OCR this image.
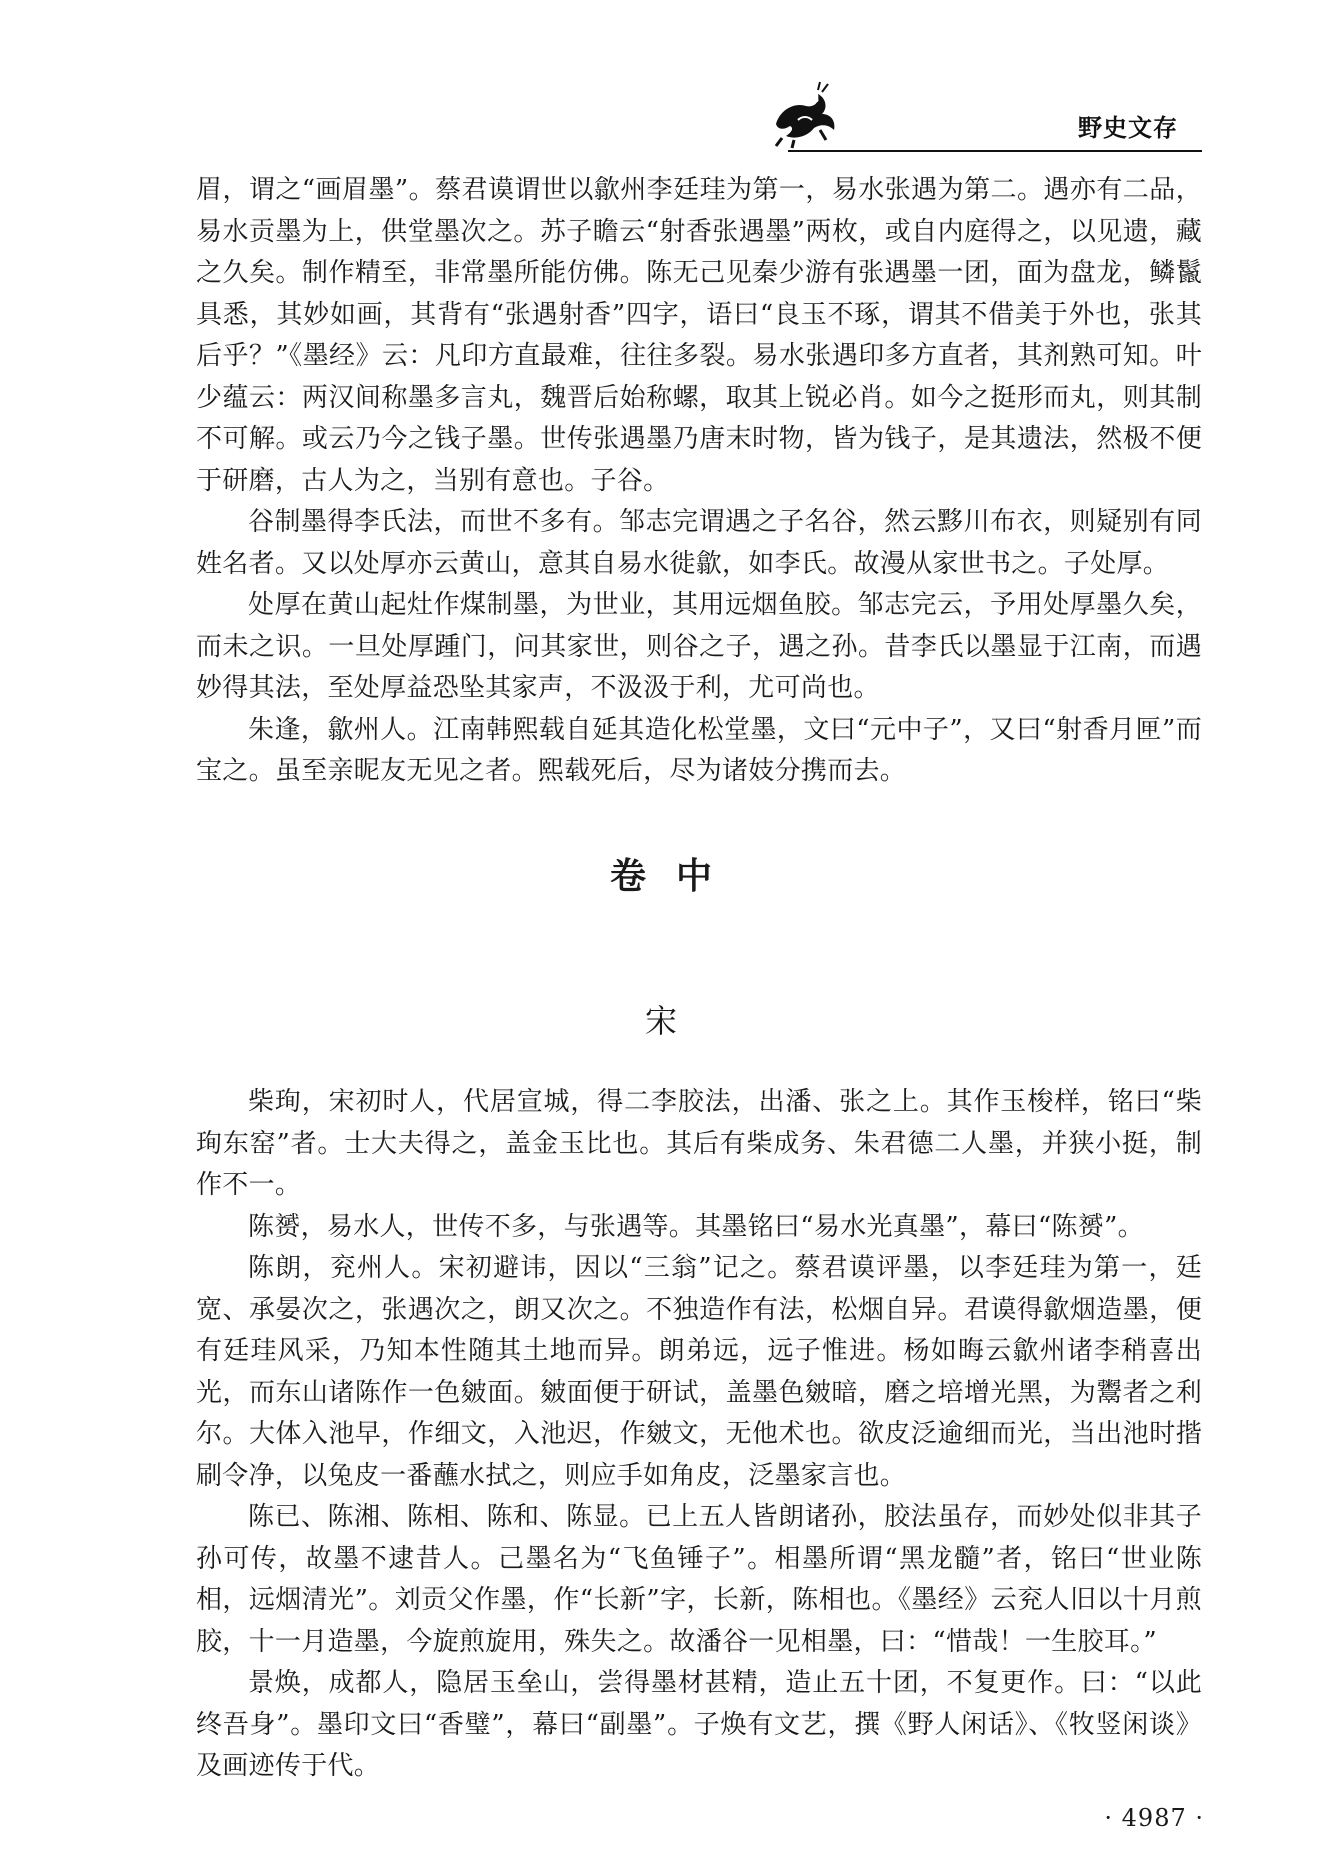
野史文存

眉，谓之“画眉墨”。蔡君谟谓世以歙州李廷珪为第一，易水张遇为第二。遇亦有二品，易水贡墨为上，供堂墨次之。苏子瞻云“射香张遇墨”两枚，或自内庭得之，以见遗，藏之久矣。制作精至，非常墨所能仿佛。陈无己见秦少游有张遇墨一团，面为盘龙，鳞鬣具悉，其妙如画，其背有“张遇射香”四字，语曰“良玉不琢，谓其不借美于外也，张其后乎？”《墨经》云：凡印方直最难，往往多裂。易水张遇印多方直者，其剂熟可知。叶少蕴云：两汉间称墨多言丸，魏晋后始称螺，取其上锐必肖。如今之挺形而丸，则其制不可解。或云乃今之钱子墨。世传张遇墨乃唐末时物，皆为钱子，是其遗法，然极不便于研磨，古人为之，当别有意也。子谷。

谷制墨得李氏法，而世不多有。邹志完谓遇之子名谷，然云黟川布衣，则疑别有同姓名者。又以处厚亦云黄山，意其自易水徙歙，如李氏。故漫从家世书之。子处厚。

处厚在黄山起灶作煤制墨，为世业，其用远烟鱼胶。邹志完云，予用处厚墨久矣，而未之识。一旦处厚踵门，问其家世，则谷之子，遇之孙。昔李氏以墨显于江南，而遇妙得其法，至处厚益恐坠其家声，不汲汲于利，尤可尚也。

朱逢，歙州人。江南韩熙载自延其造化松堂墨，文曰“元中子”，又曰“射香月匣”而宝之。虽至亲昵友无见之者。熙载死后，尽为诸妓分携而去。

卷中
宋

柴珣，宋初时人，代居宣城，得二李胶法，出潘、张之上。其作玉梭样，铭曰“柴珣东窑”者。士大夫得之，盖金玉比也。其后有柴成务、朱君德二人墨，并狭小挺，制作不一。

陈赟，易水人，世传不多，与张遇等。其墨铭曰“易水光真墨”，幕曰“陈赟”。

陈朗，兖州人。宋初避讳，因以“三翁”记之。蔡君谟评墨，以李廷珪为第一，廷宽、承晏次之，张遇次之，朗又次之。不独造作有法，松烟自异。君谟得歙烟造墨，便有廷珪风采，乃知本性随其土地而异。朗弟远，远子惟进。杨如晦云歙州诸李稍喜出光，而东山诸陈作一色皴面。皴面便于研试，盖墨色皴暗，磨之培增光黑，为鬻者之利尔。大体入池早，作细文，入池迟，作皴文，无他术也。欲皮泛逾细而光，当出池时揩刷令净，以兔皮一番蘸水拭之，则应手如角皮，泛墨家言也。

陈已、陈湘、陈相、陈和、陈显。已上五人皆朗诸孙，胶法虽存，而妙处似非其子孙可传，故墨不逮昔人。己墨名为“飞鱼锤子”。相墨所谓“黑龙髓”者，铭曰“世业陈相，远烟清光”。刘贡父作墨，作“长新”字，长新，陈相也。《墨经》云兖人旧以十月煎胶，十一月造墨，今旋煎旋用，殊失之。故潘谷一见相墨，曰：“惜哉！一生胶耳。”

景焕，成都人，隐居玉垒山，尝得墨材甚精，造止五十团，不复更作。曰：“以此终吾身”。墨印文曰“香璧”，幕曰“副墨”。子焕有文艺，撰《野人闲话》、《牧竖闲谈》及画迹传于代。

· 4987 ·
